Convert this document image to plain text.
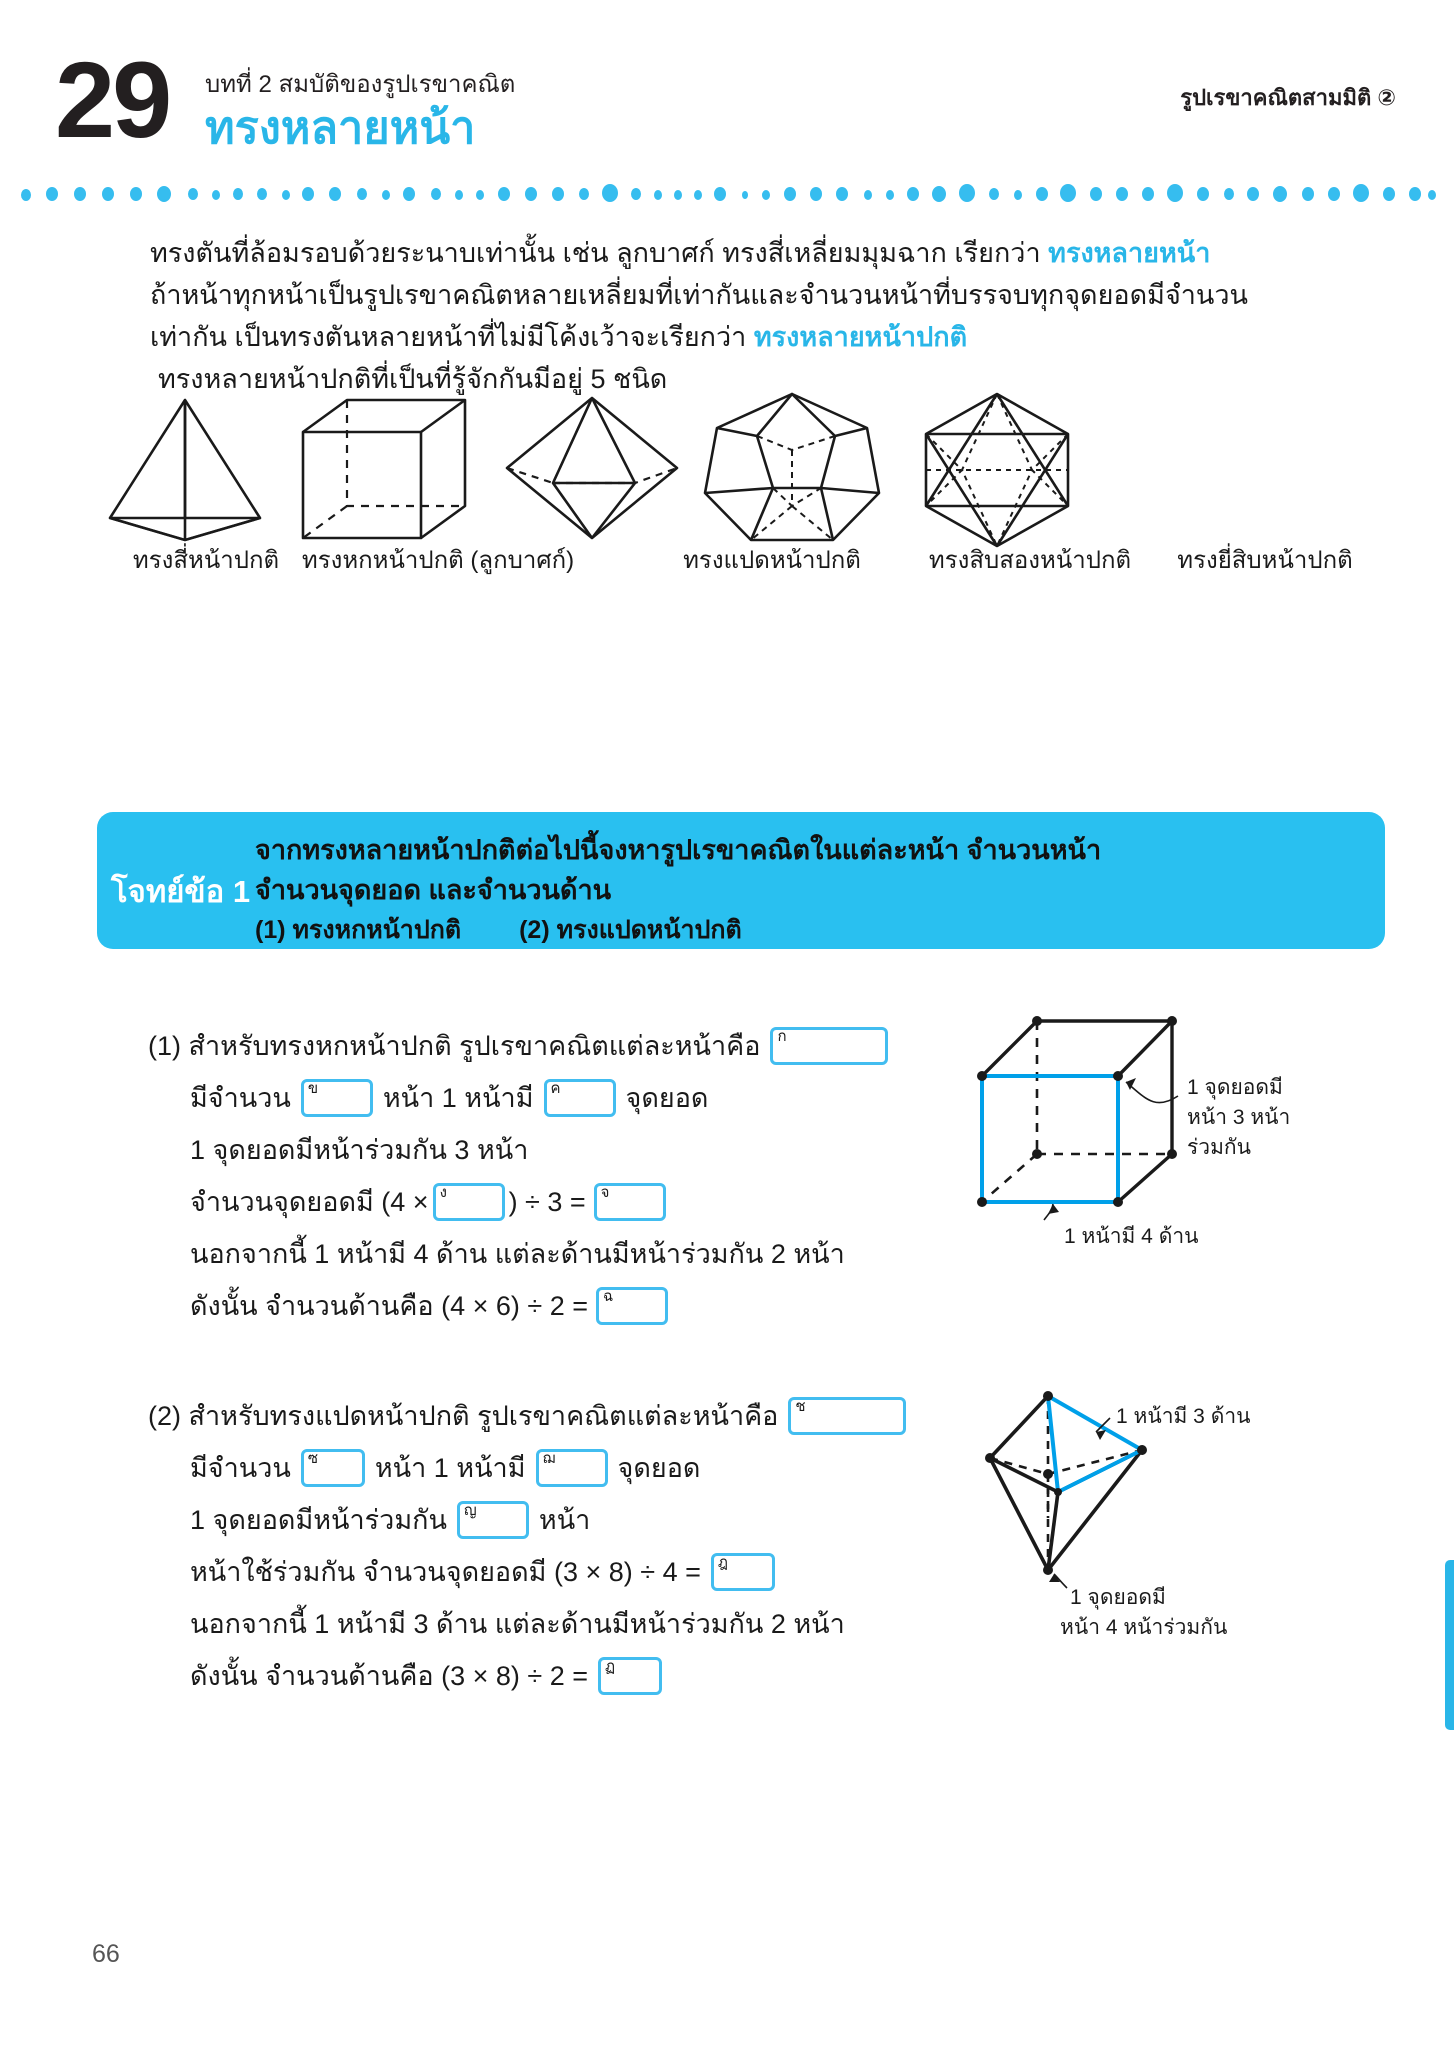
29 บทที่ 2 สมบัติของรูปเรขาคณิต
ทรงหลายหน้า
รูปเรขาคณิตสามมิติ ②
ทรงตันที่ล้อมรอบด้วยระนาบเท่านั้น เช่น ลูกบาศก์ ทรงสี่เหลี่ยมมุมฉาก เรียกว่า ทรงหลายหน้า
ถ้าหน้าทุกหน้าเป็นรูปเรขาคณิตหลายเหลี่ยมที่เท่ากันและจำนวนหน้าที่บรรจบทุกจุดยอดมีจำนวน
เท่ากัน เป็นทรงตันหลายหน้าที่ไม่มีโค้งเว้าจะเรียกว่า ทรงหลายหน้าปกติ
ทรงหลายหน้าปกติที่เป็นที่รู้จักกันมีอยู่ 5 ชนิด
ทรงสี่หน้าปกติ ทรงหกหน้าปกติ (ลูกบาศก์)	ทรงแปดหน้าปกติ	ทรงสิบสองหน้าปกติ	ทรงยี่สิบหน้าปกติ
โจทย์ข้อ 1
จากทรงหลายหน้าปกติต่อไปนี้จงหารูปเรขาคณิตในแต่ละหน้า จำนวนหน้า
จำนวนจุดยอด และจำนวนด้าน
(1) ทรงหกหน้าปกติ (2) ทรงแปดหน้าปกติ
(1) สำหรับทรงหกหน้าปกติ รูปเรขาคณิตแต่ละหน้าคือ ก
มีจำนวน ข หน้า 1 หน้ามี ค จุดยอด
1 จุดยอดมีหน้าร่วมกัน 3 หน้า
จำนวนจุดยอดมี (4 × ง ) ÷ 3 = จ
นอกจากนี้ 1 หน้ามี 4 ด้าน แต่ละด้านมีหน้าร่วมกัน 2 หน้า
ดังนั้น จำนวนด้านคือ (4 × 6) ÷ 2 = ฉ
1 จุดยอดมี
หน้า 3 หน้า
ร่วมกัน
1 หน้ามี 4 ด้าน
(2) สำหรับทรงแปดหน้าปกติ รูปเรขาคณิตแต่ละหน้าคือ ช
มีจำนวน ซ หน้า 1 หน้ามี ฌ จุดยอด
1 จุดยอดมีหน้าร่วมกัน ญ หน้า
หน้าใช้ร่วมกัน จำนวนจุดยอดมี (3 × 8) ÷ 4 = ฎ
นอกจากนี้ 1 หน้ามี 3 ด้าน แต่ละด้านมีหน้าร่วมกัน 2 หน้า
ดังนั้น จำนวนด้านคือ (3 × 8) ÷ 2 = ฏ
1 หน้ามี 3 ด้าน
1 จุดยอดมี
หน้า 4 หน้าร่วมกัน
66
